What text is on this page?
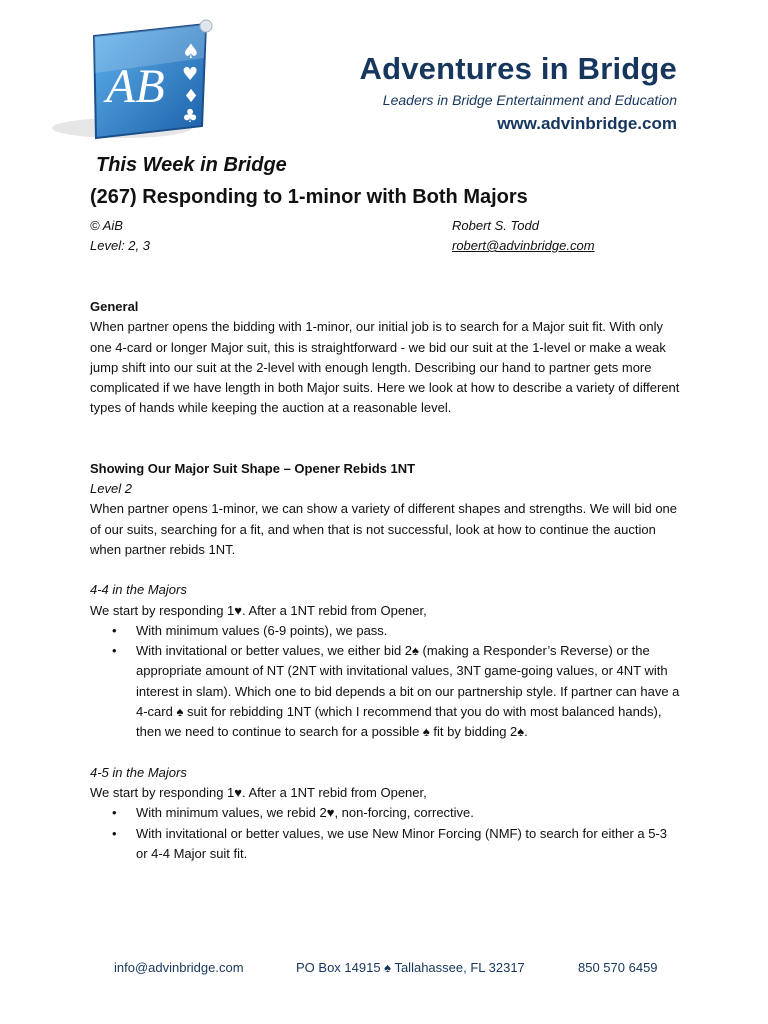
AB
♠
♥
♦
♣
Adventures in Bridge
Leaders in Bridge Entertainment and Education
www.advinbridge.com
This Week in Bridge
(267) Responding to 1-minor with Both Majors
© AiB	Robert S. Todd
Level: 2, 3	robert@advinbridge.com

General

When partner opens the bidding with 1-minor, our initial job is to search for a Major suit fit. With only one 4-card or longer Major suit, this is straightforward - we bid our suit at the 1-level or make a weak jump shift into our suit at the 2-level with enough length. Describing our hand to partner gets more complicated if we have length in both Major suits. Here we look at how to describe a variety of different types of hands while keeping the auction at a reasonable level.

Showing Our Major Suit Shape – Opener Rebids 1NT

Level 2

When partner opens 1-minor, we can show a variety of different shapes and strengths. We will bid one of our suits, searching for a fit, and when that is not successful, look at how to continue the auction when partner rebids 1NT.

4-4 in the Majors

We start by responding 1♥. After a 1NT rebid from Opener,

• With minimum values (6-9 points), we pass.
• With invitational or better values, we either bid 2♠ (making a Responder’s Reverse) or the appropriate amount of NT (2NT with invitational values, 3NT game-going values, or 4NT with interest in slam). Which one to bid depends a bit on our partnership style. If partner can have a 4-card ♠ suit for rebidding 1NT (which I recommend that you do with most balanced hands), then we need to continue to search for a possible ♠ fit by bidding 2♠.

4-5 in the Majors

We start by responding 1♥. After a 1NT rebid from Opener,

• With minimum values, we rebid 2♥, non-forcing, corrective.
• With invitational or better values, we use New Minor Forcing (NMF) to search for either a 5-3 or 4-4 Major suit fit.
info@advinbridge.com	PO Box 14915 ♠ Tallahassee, FL 32317	850 570 6459
